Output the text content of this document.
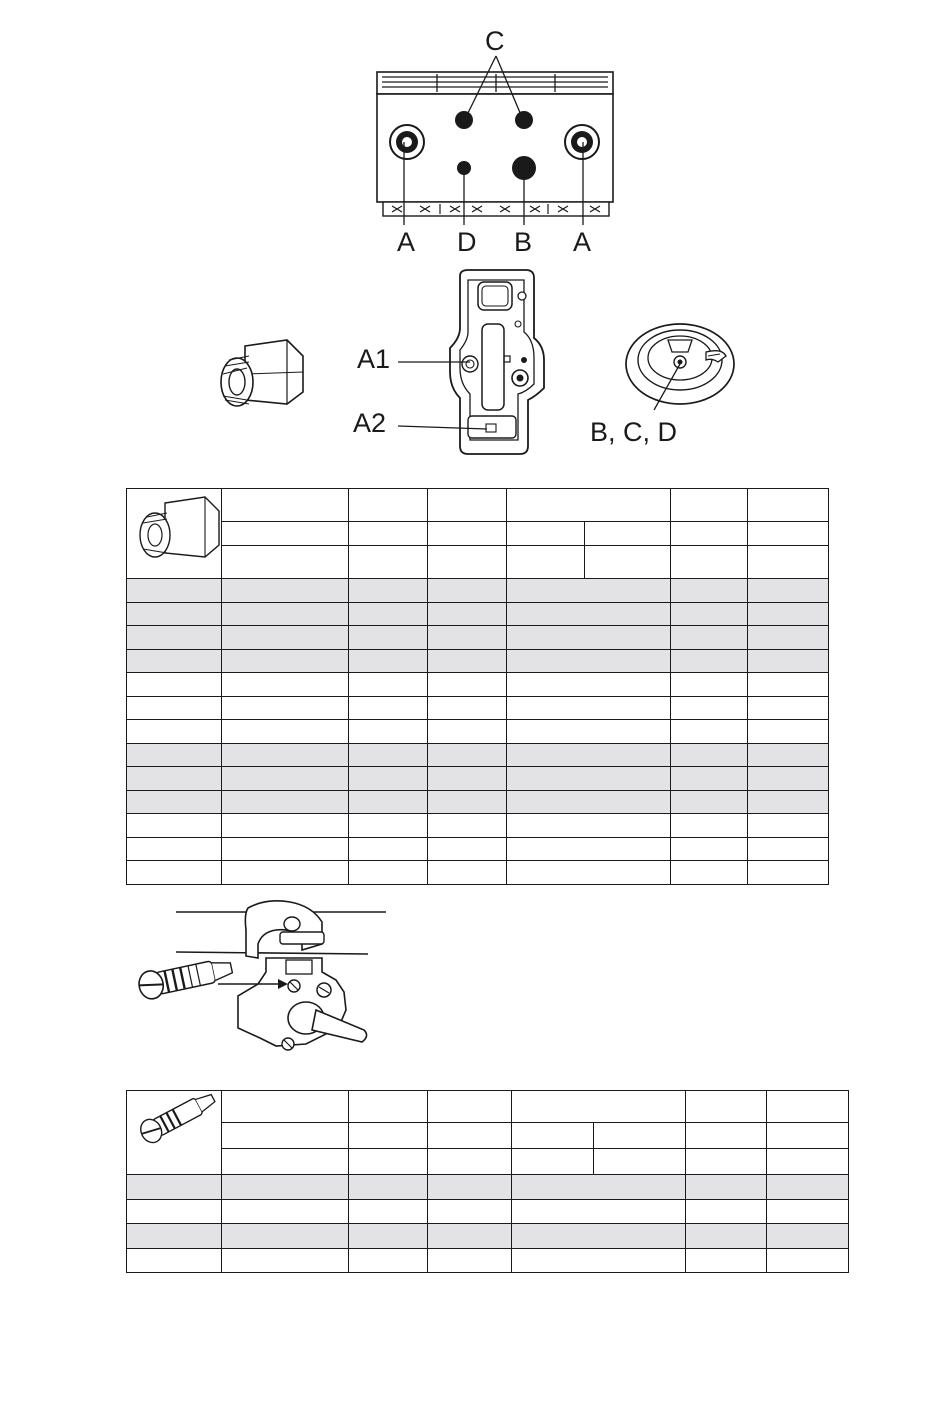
C
A D B A
A1
A2	B, C, D
